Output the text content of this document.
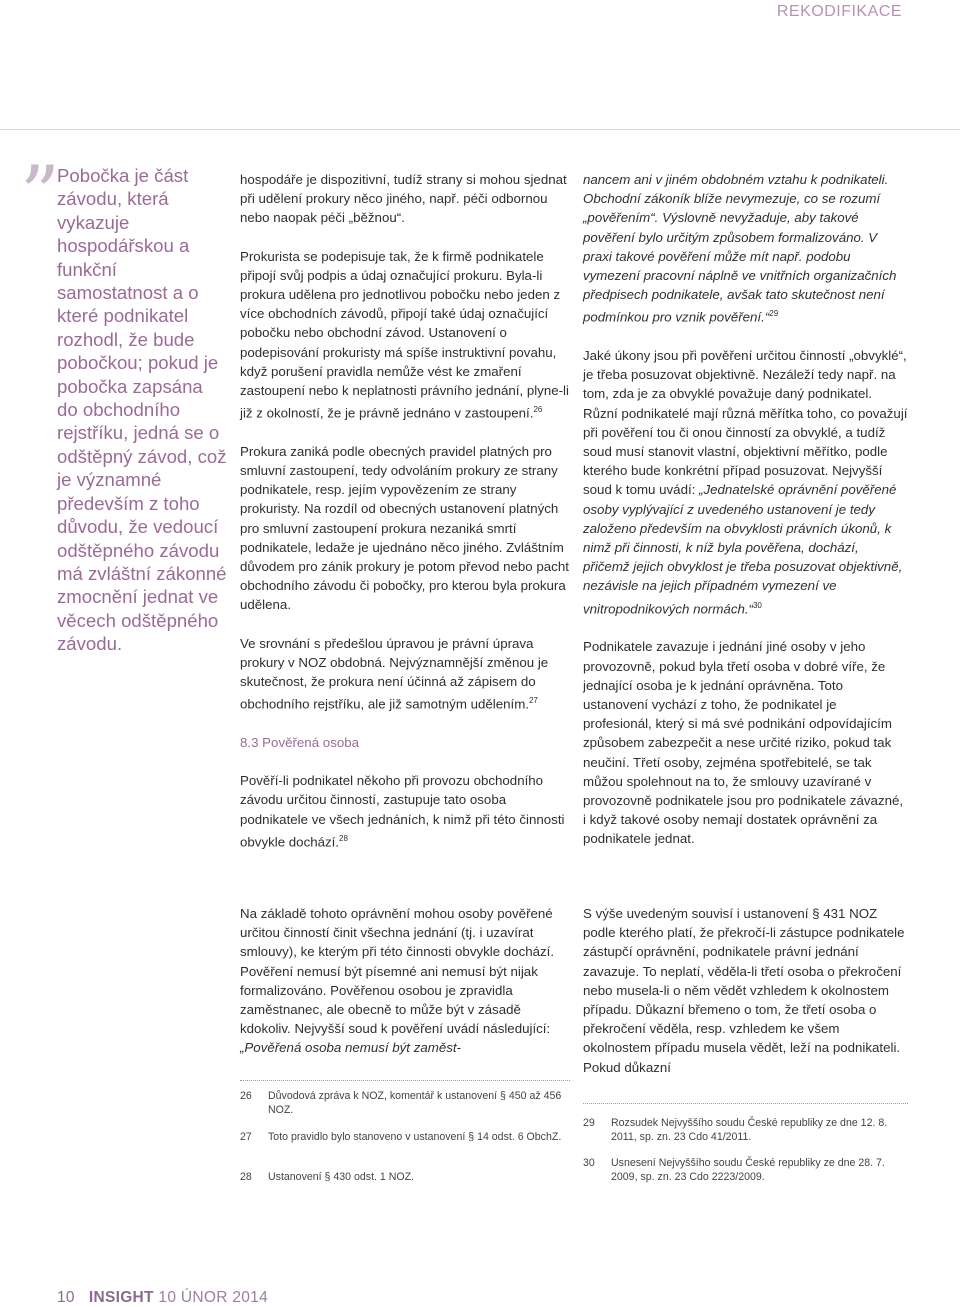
REKODIFIKACE
” Pobočka je část závodu, která vykazuje hospodářskou a funkční samostatnost a o které podnikatel rozhodl, že bude pobočkou; pokud je pobočka zapsána do obchodního rejstříku, jedná se o odštěpný závod, což je významné především z toho důvodu, že vedoucí odštěpného závodu má zvláštní zákonné zmocnění jednat ve věcech odštěpného závodu.

hospodáře je dispozitivní, tudíž strany si mohou sjednat při udělení prokury něco jiného, např. péči odbornou nebo naopak péči „běžnou“.

Prokurista se podepisuje tak, že k firmě podnikatele připojí svůj podpis a údaj označující prokuru. Byla-li prokura udělena pro jednotlivou pobočku nebo jeden z více obchodních závodů, připojí také údaj označující pobočku nebo obchodní závod. Ustanovení o podepisování prokuristy má spíše instruktivní povahu, když porušení pravidla nemůže vést ke zmaření zastoupení nebo k neplatnosti právního jednání, plyne-li již z okolností, že je právně jednáno v zastoupení.$^{26}$

Prokura zaniká podle obecných pravidel platných pro smluvní zastoupení, tedy odvoláním prokury ze strany podnikatele, resp. jejím vypovězením ze strany prokuristy. Na rozdíl od obecných ustanovení platných pro smluvní zastoupení prokura nezaniká smrtí podnikatele, ledaže je ujednáno něco jiného. Zvláštním důvodem pro zánik prokury je potom převod nebo pacht obchodního závodu či pobočky, pro kterou byla prokura udělena.

Ve srovnání s předešlou úpravou je právní úprava prokury v NOZ obdobná. Nejvýznamnější změnou je skutečnost, že prokura není účinná až zápisem do obchodního rejstříku, ale již samotným udělením.$^{27}$

8.3 Pověřená osoba

Pověří-li podnikatel někoho při provozu obchodního závodu určitou činností, zastupuje tato osoba podnikatele ve všech jednáních, k nimž při této činnosti obvykle dochází.$^{28}$

Na základě tohoto oprávnění mohou osoby pověřené určitou činností činit všechna jednání (tj. i uzavírat smlouvy), ke kterým při této činnosti obvykle dochází. Pověření nemusí být písemné ani nemusí být nijak formalizováno. Pověřenou osobou je zpravidla zaměstnanec, ale obecně to může být v zásadě kdokoliv. Nejvyšší soud k pověření uvádí následující: „Pověřená osoba nemusí být zaměst-

nancem ani v jiném obdobném vztahu k podnikateli. Obchodní zákoník blíže nevymezuje, co se rozumí „pověřením“. Výslovně nevyžaduje, aby takové pověření bylo určitým způsobem formalizováno. V praxi takové pověření může mít např. podobu vymezení pracovní náplně ve vnitřních organizačních předpisech podnikatele, avšak tato skutečnost není podmínkou pro vznik pověření.“$^{29}$

Jaké úkony jsou při pověření určitou činností „obvyklé“, je třeba posuzovat objektivně. Nezáleží tedy např. na tom, zda je za obvyklé považuje daný podnikatel. Různí podnikatelé mají různá měřítka toho, co považují při pověření tou či onou činností za obvyklé, a tudíž soud musí stanovit vlastní, objektivní měřítko, podle kterého bude konkrétní případ posuzovat. Nejvyšší soud k tomu uvádí: „Jednatelské oprávnění pověřené osoby vyplývající z uvedeného ustanovení je tedy založeno především na obvyklosti právních úkonů, k nimž při činnosti, k níž byla pověřena, dochází, přičemž jejich obvyklost je třeba posuzovat objektivně, nezávisle na jejich případném vymezení ve vnitropodnikových normách.“$^{30}$

Podnikatele zavazuje i jednání jiné osoby v jeho provozovně, pokud byla třetí osoba v dobré víře, že jednající osoba je k jednání oprávněna. Toto ustanovení vychází z toho, že podnikatel je profesionál, který si má své podnikání odpovídajícím způsobem zabezpečit a nese určité riziko, pokud tak neučiní. Třetí osoby, zejména spotřebitelé, se tak můžou spolehnout na to, že smlouvy uzavírané v provozovně podnikatele jsou pro podnikatele závazné, i když takové osoby nemají dostatek oprávnění za podnikatele jednat.

S výše uvedeným souvisí i ustanovení § 431 NOZ podle kterého platí, že překročí-li zástupce podnikatele zástupčí oprávnění, podnikatele právní jednání zavazuje. To neplatí, věděla-li třetí osoba o překročení nebo musela-li o něm vědět vzhledem k okolnostem případu. Důkazní břemeno o tom, že třetí osoba o překročení věděla, resp. vzhledem ke všem okolnostem případu musela vědět, leží na podnikateli. Pokud důkazní

26	Důvodová zpráva k NOZ, komentář k ustanovení § 450 až 456 NOZ.
27	Toto pravidlo bylo stanoveno v ustanovení § 14 odst. 6 ObchZ.
28	Ustanovení § 430 odst. 1 NOZ.
29	Rozsudek Nejvyššího soudu České republiky ze dne 12. 8. 2011, sp. zn. 23 Cdo 41/2011.
30	Usnesení Nejvyššího soudu České republiky ze dne 28. 7. 2009, sp. zn. 23 Cdo 2223/2009.
10 INSIGHT 10 ÚNOR 2014
